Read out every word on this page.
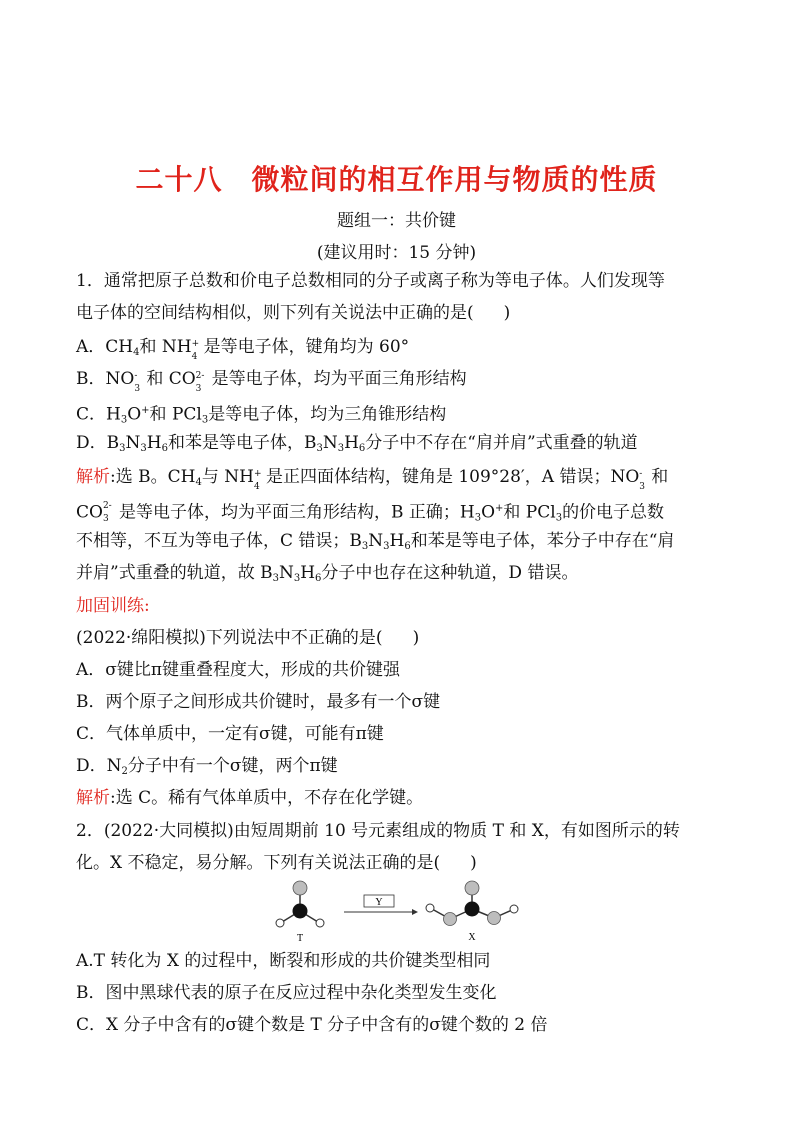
二十八　微粒间的相互作用与物质的性质
题组一：共价键
(建议用时：15 分钟)
1．通常把原子总数和价电子总数相同的分子或离子称为等电子体。人们发现等
电子体的空间结构相似，则下列有关说法中正确的是( )
A．$CH_4$和 NH +
4 是等电子体，键角均为 60°
B．NO -
3 和 CO 2-
3 是等电子体，均为平面三角形结构
C．$H_3O^+$和 PCl$_3$是等电子体，均为三角锥形结构
D．$B_3N_3H_6$和苯是等电子体，$B_3N_3H_6$分子中不存在“肩并肩”式重叠的轨道
解析:选 B。$CH_4$与 NH +
4 是正四面体结构，键角是 109°28′，A 错误；NO -
3 和
CO 2-
3 是等电子体，均为平面三角形结构，B 正确；$H_3O^+$和 PCl$_3$的价电子总数
不相等，不互为等电子体，C 错误；$B_3N_3H_6$和苯是等电子体，苯分子中存在“肩
并肩”式重叠的轨道，故 $B_3N_3H_6$分子中也存在这种轨道，D 错误。
加固训练:
(2022·绵阳模拟)下列说法中不正确的是( )
A．σ键比π键重叠程度大，形成的共价键强
B．两个原子之间形成共价键时，最多有一个σ键
C．气体单质中，一定有σ键，可能有π键
D．$N_2$分子中有一个σ键，两个π键
解析:选 C。稀有气体单质中，不存在化学键。
2．(2022·大同模拟)由短周期前 10 号元素组成的物质 T 和 X，有如图所示的转
化。X 不稳定，易分解。下列有关说法正确的是( )
T
Y
X
A.T 转化为 X 的过程中，断裂和形成的共价键类型相同
B．图中黑球代表的原子在反应过程中杂化类型发生变化
C．X 分子中含有的σ键个数是 T 分子中含有的σ键个数的 2 倍
